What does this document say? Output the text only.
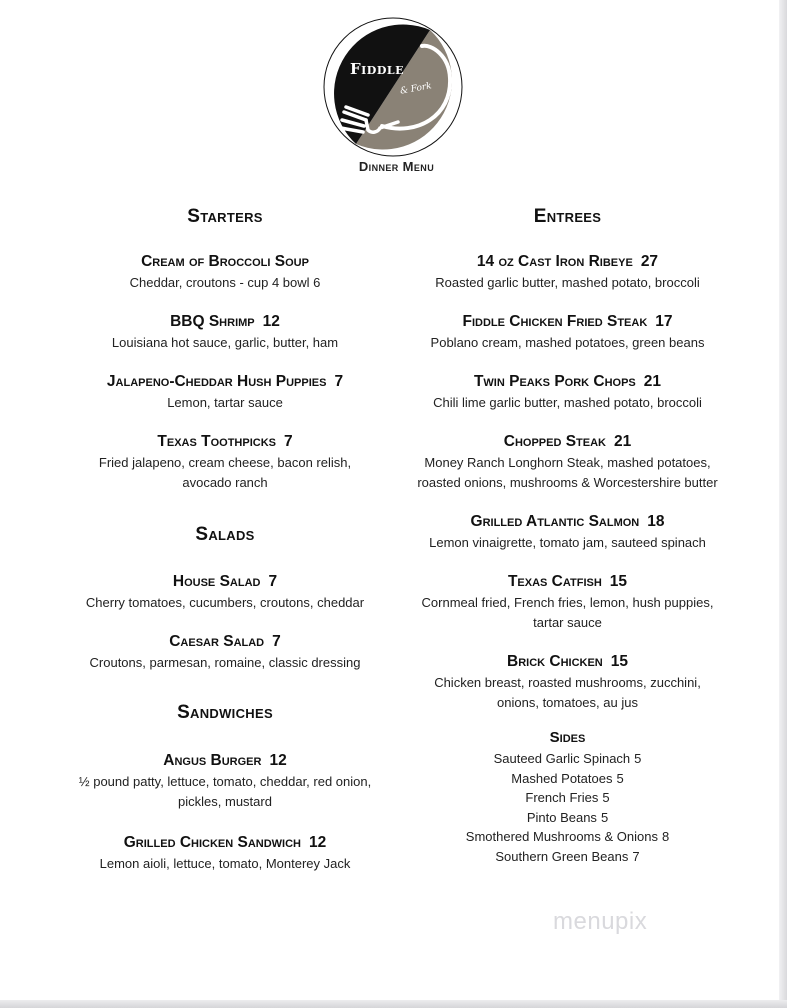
Fiddle
& Fork
Dinner Menu
Starters
Cream of Broccoli Soup
Cheddar, croutons - cup 4 bowl 6
BBQ Shrimp 12
Louisiana hot sauce, garlic, butter, ham
Jalapeno-Cheddar Hush Puppies 7
Lemon, tartar sauce
Texas Toothpicks 7
Fried jalapeno, cream cheese, bacon relish,
avocado ranch
Salads
House Salad 7
Cherry tomatoes, cucumbers, croutons, cheddar
Caesar Salad 7
Croutons, parmesan, romaine, classic dressing
Sandwiches
Angus Burger 12
½ pound patty, lettuce, tomato, cheddar, red onion,
pickles, mustard
Grilled Chicken Sandwich 12
Lemon aioli, lettuce, tomato, Monterey Jack
Entrees
14 oz Cast Iron Ribeye 27
Roasted garlic butter, mashed potato, broccoli
Fiddle Chicken Fried Steak 17
Poblano cream, mashed potatoes, green beans
Twin Peaks Pork Chops 21
Chili lime garlic butter, mashed potato, broccoli
Chopped Steak 21
Money Ranch Longhorn Steak, mashed potatoes,
roasted onions, mushrooms & Worcestershire butter
Grilled Atlantic Salmon 18
Lemon vinaigrette, tomato jam, sauteed spinach
Texas Catfish 15
Cornmeal fried, French fries, lemon, hush puppies,
tartar sauce
Brick Chicken 15
Chicken breast, roasted mushrooms, zucchini,
onions, tomatoes, au jus
Sides
Sauteed Garlic Spinach 5
Mashed Potatoes 5
French Fries 5
Pinto Beans 5
Smothered Mushrooms & Onions 8
Southern Green Beans 7
menupix
